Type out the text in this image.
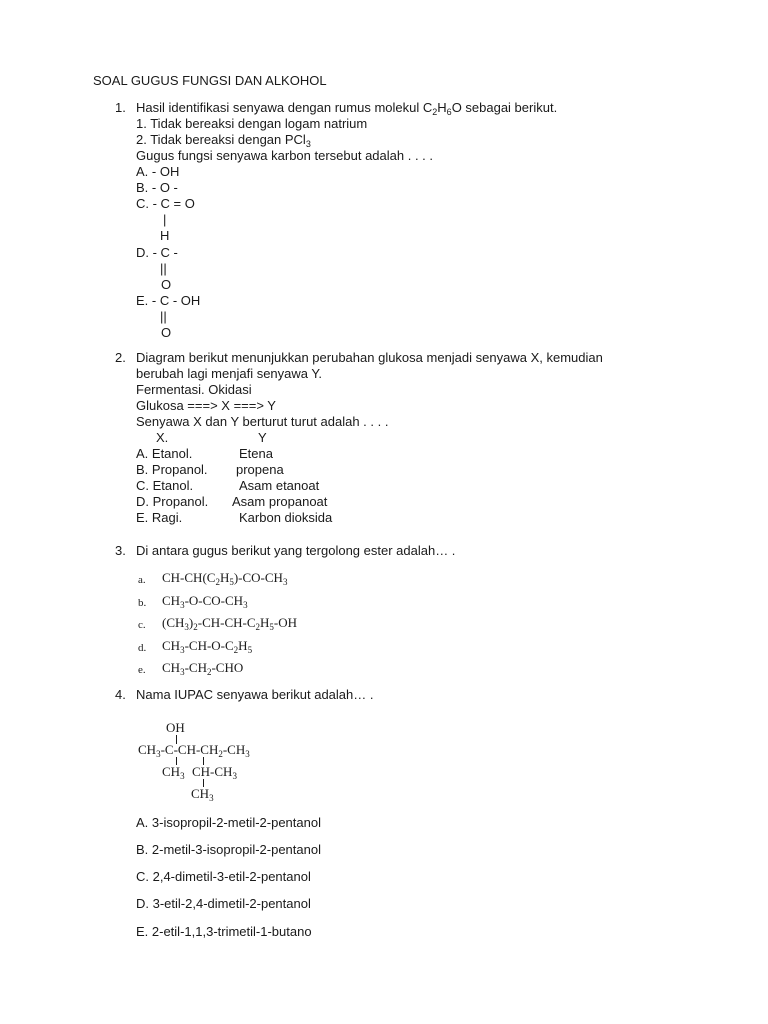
SOAL GUGUS FUNGSI DAN ALKOHOL
1. Hasil identifikasi senyawa dengan rumus molekul $C_2H_6O$ sebagai berikut.
1. Tidak bereaksi dengan logam natrium
2. Tidak bereaksi dengan PCl$_3$
Gugus fungsi senyawa karbon tersebut adalah . . . .
A. - OH
B. - O -
C. - C = O
|
H
D. - C -
||
O
E. - C - OH
||
O
2. Diagram berikut menunjukkan perubahan glukosa menjadi senyawa X, kemudian
berubah lagi menjafi senyawa Y.
Fermentasi. Okidasi
Glukosa ===> X ===> Y
Senyawa X dan Y berturut turut adalah . . . .
X.	Y
A. Etanol.	Etena
B. Propanol. propena
C. Etanol.	Asam etanoat
D. Propanol. Asam propanoat
E. Ragi.	Karbon dioksida
3. Di antara gugus berikut yang tergolong ester adalah… .
a. $CH-CH(C_2H_5)-CO-CH_3$
b. $CH_3-O-CO-CH_3$
c. $(CH_3)_2-CH-CH-C_2H_5-OH$
d. $CH_3-CH-O-C_2H_5$
e. $CH_3-CH_2$-CHO
4. Nama IUPAC senyawa berikut adalah… .
OH
$CH_3-C-CH-CH_2-CH_3$
$CH_3$ $CH-CH_3$
$CH_3$
A. 3-isopropil-2-metil-2-pentanol
B. 2-metil-3-isopropil-2-pentanol
C. 2,4-dimetil-3-etil-2-pentanol
D. 3-etil-2,4-dimetil-2-pentanol
E. 2-etil-1,1,3-trimetil-1-butano
